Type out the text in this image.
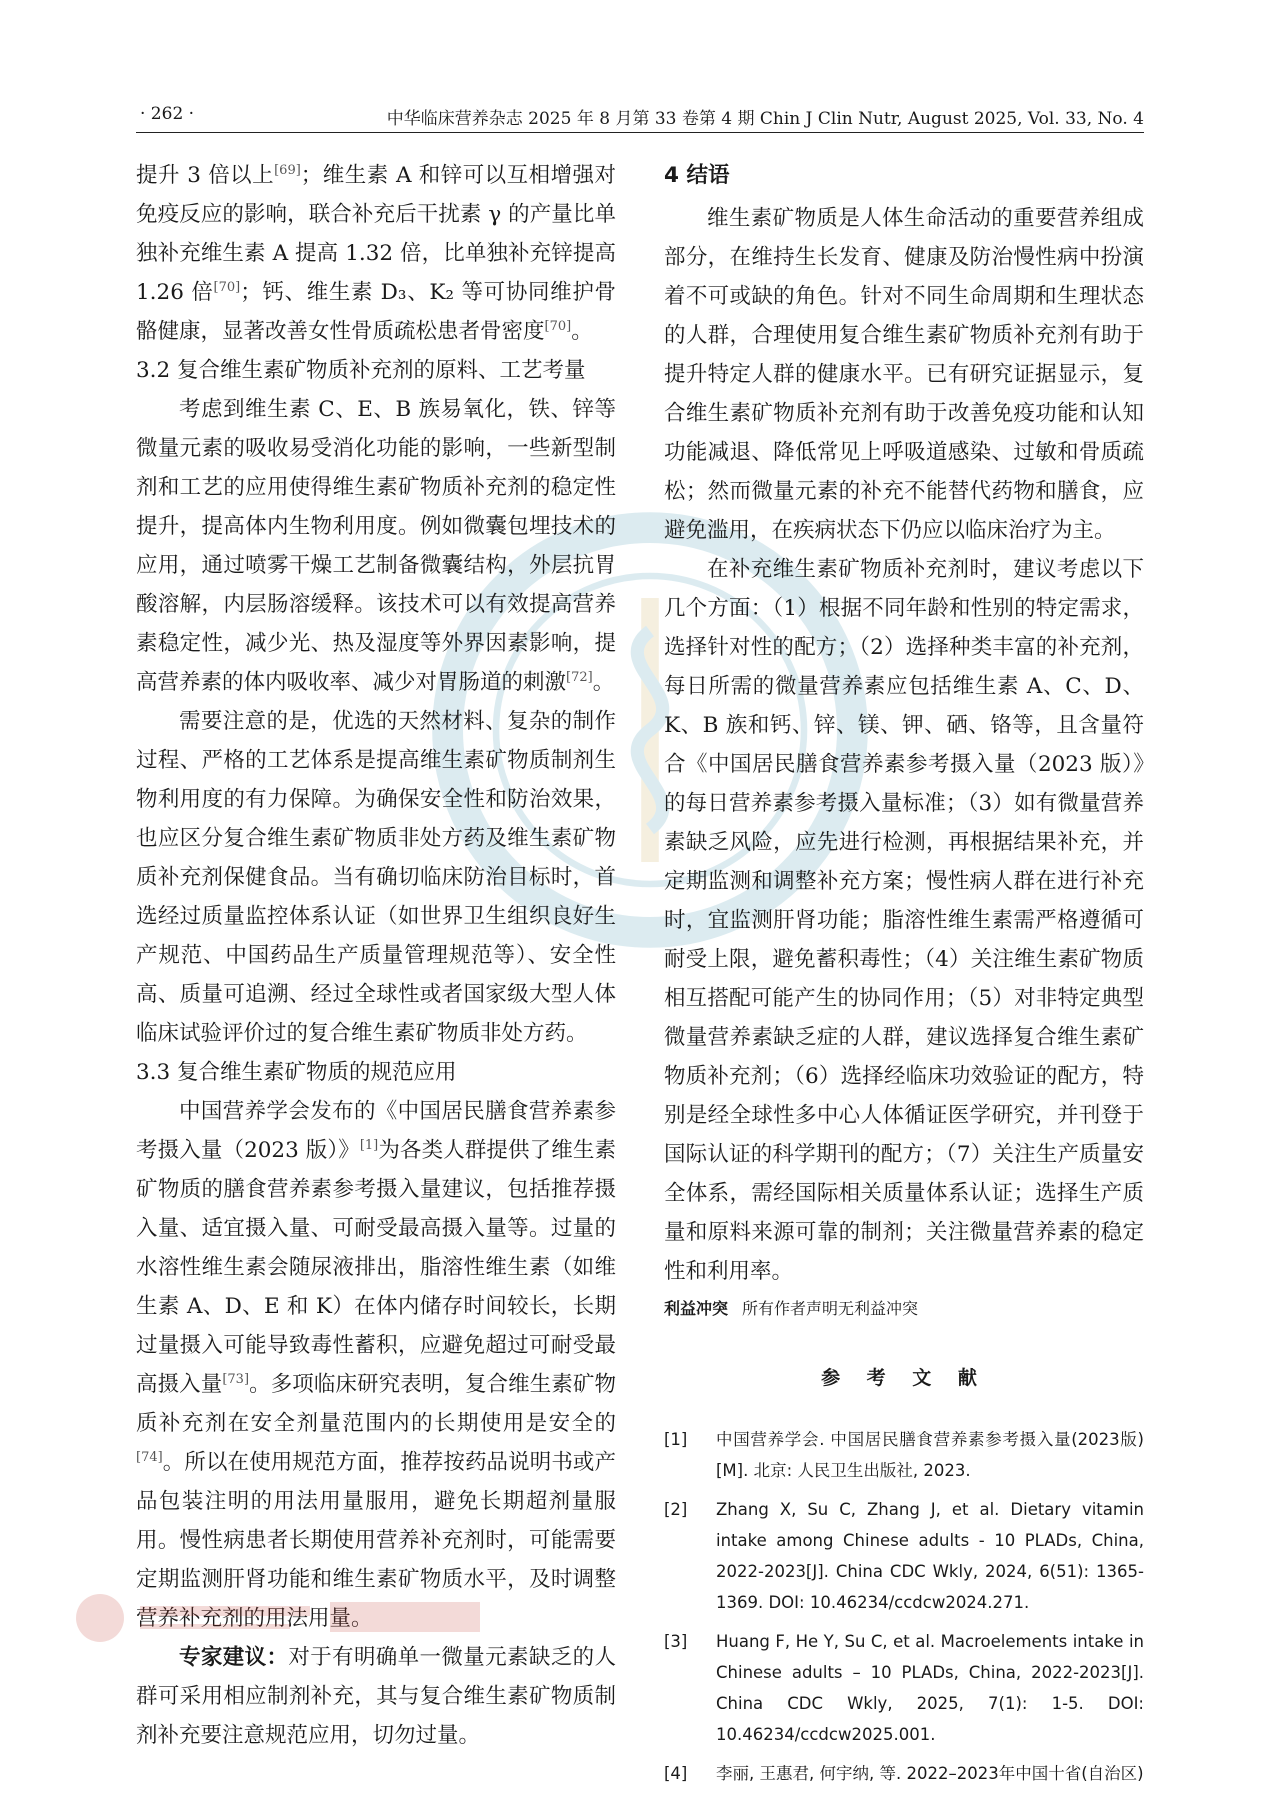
· 262 ·	中华临床营养杂志 2025 年 8 月第 33 卷第 4 期 Chin J Clin Nutr, August 2025, Vol. 33, No. 4

提升 3 倍以上[69]；维生素 A 和锌可以互相增强对免疫反应的影响，联合补充后干扰素 γ 的产量比单独补充维生素 A 提高 1.32 倍，比单独补充锌提高 1.26 倍[70]；钙、维生素 D₃、K₂ 等可协同维护骨骼健康，显著改善女性骨质疏松患者骨密度[70]。

3.2 复合维生素矿物质补充剂的原料、工艺考量

考虑到维生素 C、E、B 族易氧化，铁、锌等微量元素的吸收易受消化功能的影响，一些新型制剂和工艺的应用使得维生素矿物质补充剂的稳定性提升，提高体内生物利用度。例如微囊包埋技术的应用，通过喷雾干燥工艺制备微囊结构，外层抗胃酸溶解，内层肠溶缓释。该技术可以有效提高营养素稳定性，减少光、热及湿度等外界因素影响，提高营养素的体内吸收率、减少对胃肠道的刺激[72]。

需要注意的是，优选的天然材料、复杂的制作过程、严格的工艺体系是提高维生素矿物质制剂生物利用度的有力保障。为确保安全性和防治效果，也应区分复合维生素矿物质非处方药及维生素矿物质补充剂保健食品。当有确切临床防治目标时，首选经过质量监控体系认证（如世界卫生组织良好生产规范、中国药品生产质量管理规范等）、安全性高、质量可追溯、经过全球性或者国家级大型人体临床试验评价过的复合维生素矿物质非处方药。

3.3 复合维生素矿物质的规范应用

中国营养学会发布的《中国居民膳食营养素参考摄入量（2023 版）》[1]为各类人群提供了维生素矿物质的膳食营养素参考摄入量建议，包括推荐摄入量、适宜摄入量、可耐受最高摄入量等。过量的水溶性维生素会随尿液排出，脂溶性维生素（如维生素 A、D、E 和 K）在体内储存时间较长，长期过量摄入可能导致毒性蓄积，应避免超过可耐受最高摄入量[73]。多项临床研究表明，复合维生素矿物质补充剂在安全剂量范围内的长期使用是安全的[74]。所以在使用规范方面，推荐按药品说明书或产品包装注明的用法用量服用，避免长期超剂量服用。慢性病患者长期使用营养补充剂时，可能需要定期监测肝肾功能和维生素矿物质水平，及时调整营养补充剂的用法用量。

专家建议：对于有明确单一微量元素缺乏的人群可采用相应制剂补充，其与复合维生素矿物质制剂补充要注意规范应用，切勿过量。

4 结语

维生素矿物质是人体生命活动的重要营养组成部分，在维持生长发育、健康及防治慢性病中扮演着不可或缺的角色。针对不同生命周期和生理状态的人群，合理使用复合维生素矿物质补充剂有助于提升特定人群的健康水平。已有研究证据显示，复合维生素矿物质补充剂有助于改善免疫功能和认知功能减退、降低常见上呼吸道感染、过敏和骨质疏松；然而微量元素的补充不能替代药物和膳食，应避免滥用，在疾病状态下仍应以临床治疗为主。

在补充维生素矿物质补充剂时，建议考虑以下几个方面：（1）根据不同年龄和性别的特定需求，选择针对性的配方；（2）选择种类丰富的补充剂，每日所需的微量营养素应包括维生素 A、C、D、K、B 族和钙、锌、镁、钾、硒、铬等，且含量符合《中国居民膳食营养素参考摄入量（2023 版）》的每日营养素参考摄入量标准；（3）如有微量营养素缺乏风险，应先进行检测，再根据结果补充，并定期监测和调整补充方案；慢性病人群在进行补充时，宜监测肝肾功能；脂溶性维生素需严格遵循可耐受上限，避免蓄积毒性；（4）关注维生素矿物质相互搭配可能产生的协同作用；（5）对非特定典型微量营养素缺乏症的人群，建议选择复合维生素矿物质补充剂；（6）选择经临床功效验证的配方，特别是经全球性多中心人体循证医学研究，并刊登于国际认证的科学期刊的配方；（7）关注生产质量安全体系，需经国际相关质量体系认证；选择生产质量和原料来源可靠的制剂；关注微量营养素的稳定性和利用率。

利益冲突 所有作者声明无利益冲突

参 考 文 献
[1] 中国营养学会. 中国居民膳食营养素参考摄入量(2023版)[M]. 北京: 人民卫生出版社, 2023.
[2] Zhang X, Su C, Zhang J, et al. Dietary vitamin intake among Chinese adults - 10 PLADs, China, 2022-2023[J]. China CDC Wkly, 2024, 6(51): 1365-1369. DOI: 10.46234/ccdcw2024.271.
[3] Huang F, He Y, Su C, et al. Macroelements intake in Chinese adults – 10 PLADs, China, 2022-2023[J]. China CDC Wkly, 2025, 7(1): 1-5. DOI: 10.46234/ccdcw2025.001.
[4] 李丽, 王惠君, 何宇纳, 等. 2022–2023年中国十省(自治区)
